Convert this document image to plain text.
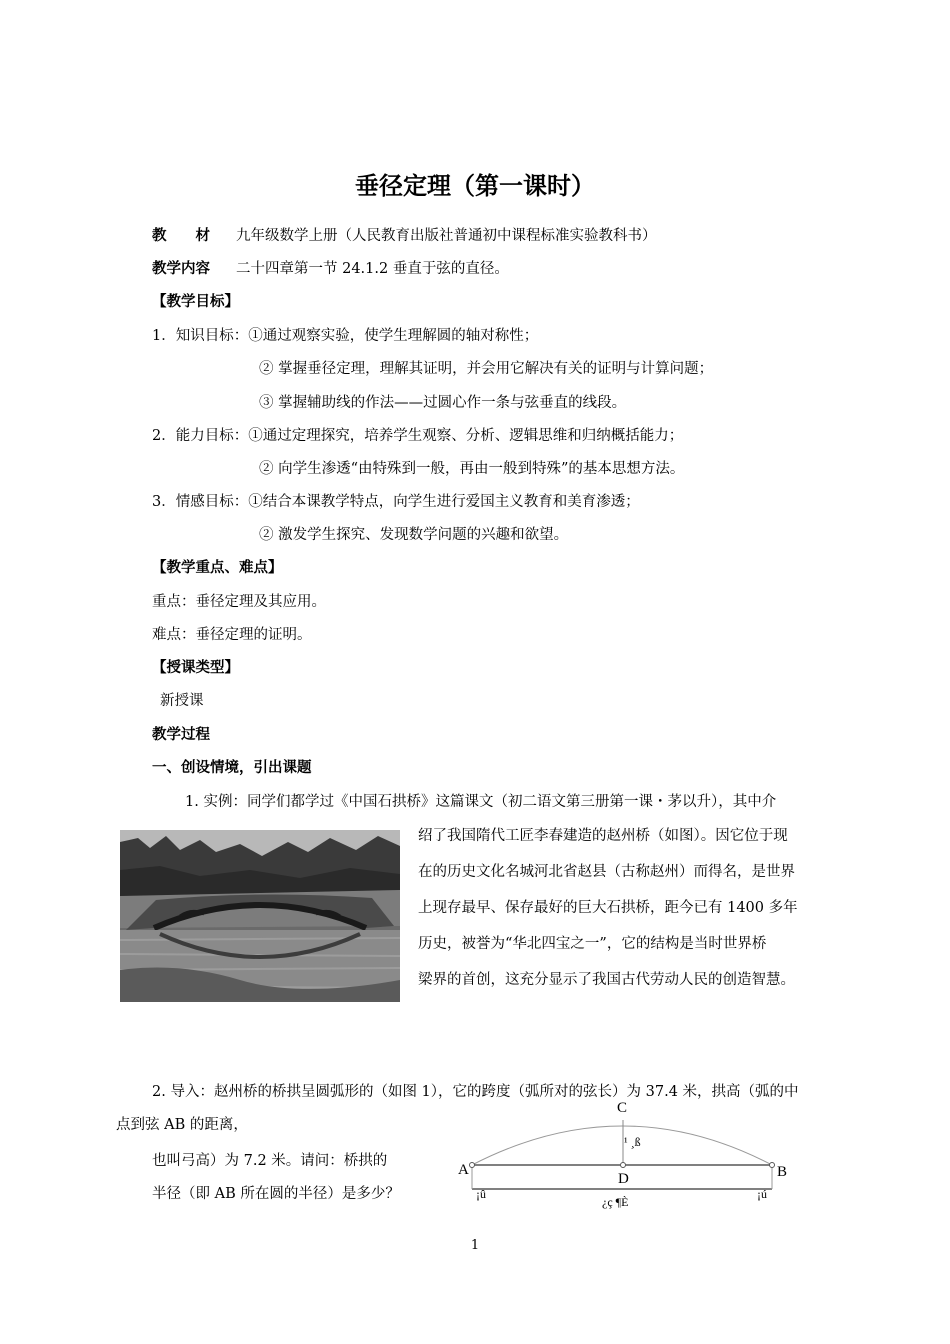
垂径定理（第一课时）
教　　材 九年级数学上册（人民教育出版社普通初中课程标准实验教科书）
教学内容 二十四章第一节 24.1.2 垂直于弦的直径。
【教学目标】
1．知识目标：①通过观察实验，使学生理解圆的轴对称性；
② 掌握垂径定理，理解其证明，并会用它解决有关的证明与计算问题；
③ 掌握辅助线的作法——过圆心作一条与弦垂直的线段。
2．能力目标：①通过定理探究，培养学生观察、分析、逻辑思维和归纳概括能力；
② 向学生渗透“由特殊到一般，再由一般到特殊”的基本思想方法。
3．情感目标：①结合本课教学特点，向学生进行爱国主义教育和美育渗透；
② 激发学生探究、发现数学问题的兴趣和欲望。
【教学重点、难点】
重点：垂径定理及其应用。
难点：垂径定理的证明。
【授课类型】
新授课
教学过程
一、创设情境，引出课题
1. 实例：同学们都学过《中国石拱桥》这篇课文（初二语文第三册第一课・茅以升），其中介
绍了我国隋代工匠李春建造的赵州桥（如图）。因它位于现
在的历史文化名城河北省赵县（古称赵州）而得名，是世界
上现存最早、保存最好的巨大石拱桥，距今已有 1400 多年
历史，被誉为“华北四宝之一”，它的结构是当时世界桥
梁界的首创，这充分显示了我国古代劳动人民的创造智慧。
2. 导入：赵州桥的桥拱呈圆弧形的（如图 1），它的跨度（弧所对的弦长）为 37.4 米，拱高（弧的中
点到弦 AB 的距离，
也叫弓高）为 7.2 米。请问：桥拱的
半径（即 AB 所在圆的半径）是多少？
C
A	B
D
¹ ¸ß
¡û
¿ç ¶È
¡ú
1
